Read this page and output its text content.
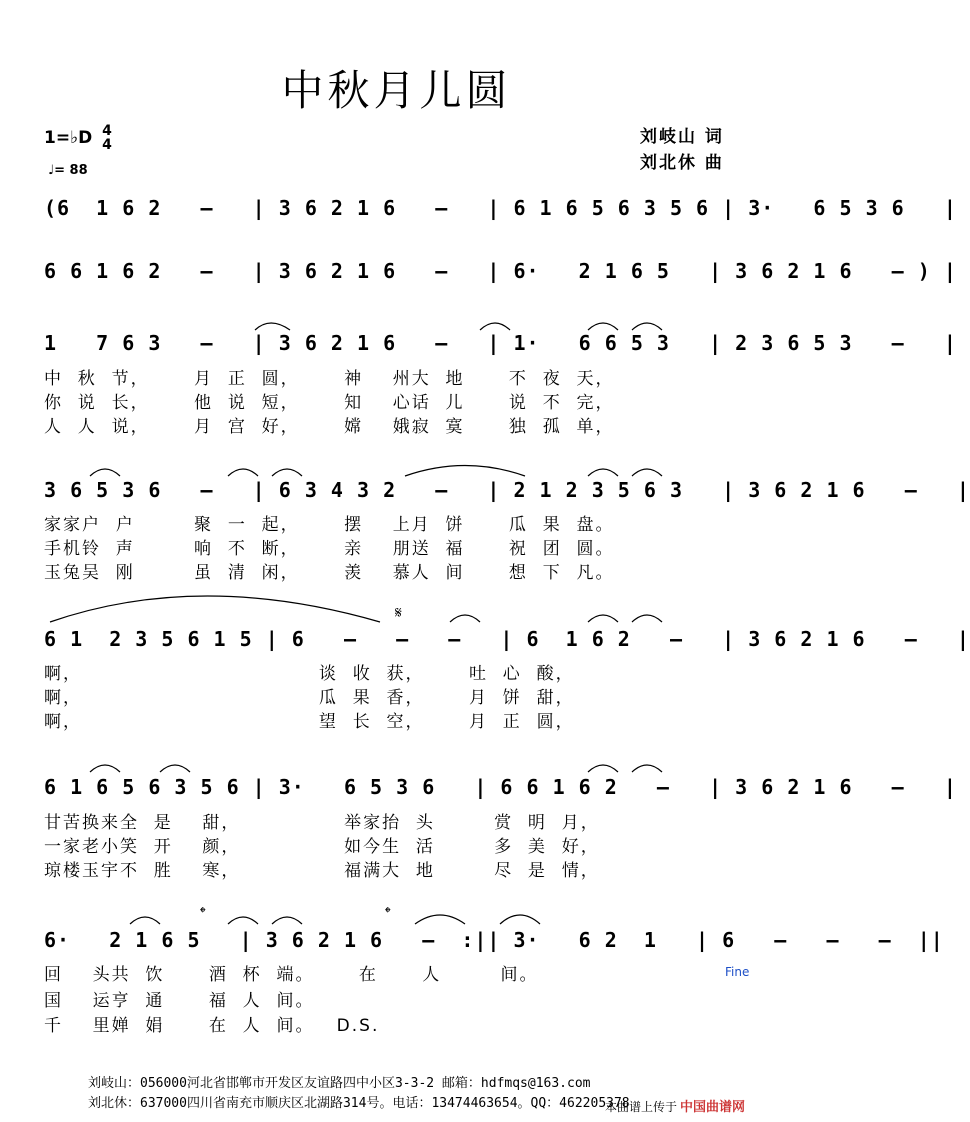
中秋月儿圆
1=♭D 4
4
♩= 88
刘岐山 词
刘北休 曲
(6  1 6 2   –   | 3 6 2 1 6   –   | 6 1 6 5 6 3 5 6 | 3·   6 5 3 6   |
6 6 1 6 2   –   | 3 6 2 1 6   –   | 6·   2 1 6 5   | 3 6 2 1 6   – ) |
1   7 6 3   –   | 3 6 2 1 6   –   | 1·   6 6 5 3   | 2 3 6 5 3   –   |
中  秋  节，      月  正  圆，      神    州大  地      不  夜  天，
你  说  长，      他  说  短，      知    心话  儿      说  不  完，
人  人  说，      月  宫  好，      嫦    娥寂  寞      独  孤  单，
3 6 5 3 6   –   | 6 3 4 3 2   –   | 2 1 2 3 5 6 3   | 3 6 2 1 6   –   |
家家户  户        聚  一  起，      摆    上月  饼      瓜  果  盘。
手机铃  声        响  不  断，      亲    朋送  福      祝  团  圆。
玉兔吴  刚        虽  清  闲，      羡    慕人  间      想  下  凡。
𝄋
6 1  2 3 5 6 1 5 | 6   –   –   –   | 6  1 6 2   –   | 3 6 2 1 6   –   |
啊，                                谈  收  获，      吐  心  酸，
啊，                                瓜  果  香，      月  饼  甜，
啊，                                望  长  空，      月  正  圆，
6 1 6 5 6 3 5 6 | 3·   6 5 3 6   | 6 6 1 6 2   –   | 3 6 2 1 6   –   |
甘苦换来全  是    甜，              举家抬  头        赏  明  月，
一家老小笑  开    颜，              如今生  活        多  美  好，
琼楼玉宇不  胜    寒，              福满大  地        尽  是  情，
𝄌	𝄌
6·   2 1 6 5   | 3 6 2 1 6   –  :|| 3·   6 2  1   | 6   –   –   –  ||
回    头共  饮      酒  杯  端。      在      人        间。
国    运亨  通      福  人  间。
千    里婵  娟      在  人  间。   D.S.
Fine
刘岐山：056000河北省邯郸市开发区友谊路四中小区3-3-2 邮箱：hdfmqs@163.com
刘北休：637000四川省南充市顺庆区北湖路314号。电话：13474463654。QQ：462205378
本曲谱上传于 中国曲谱网
